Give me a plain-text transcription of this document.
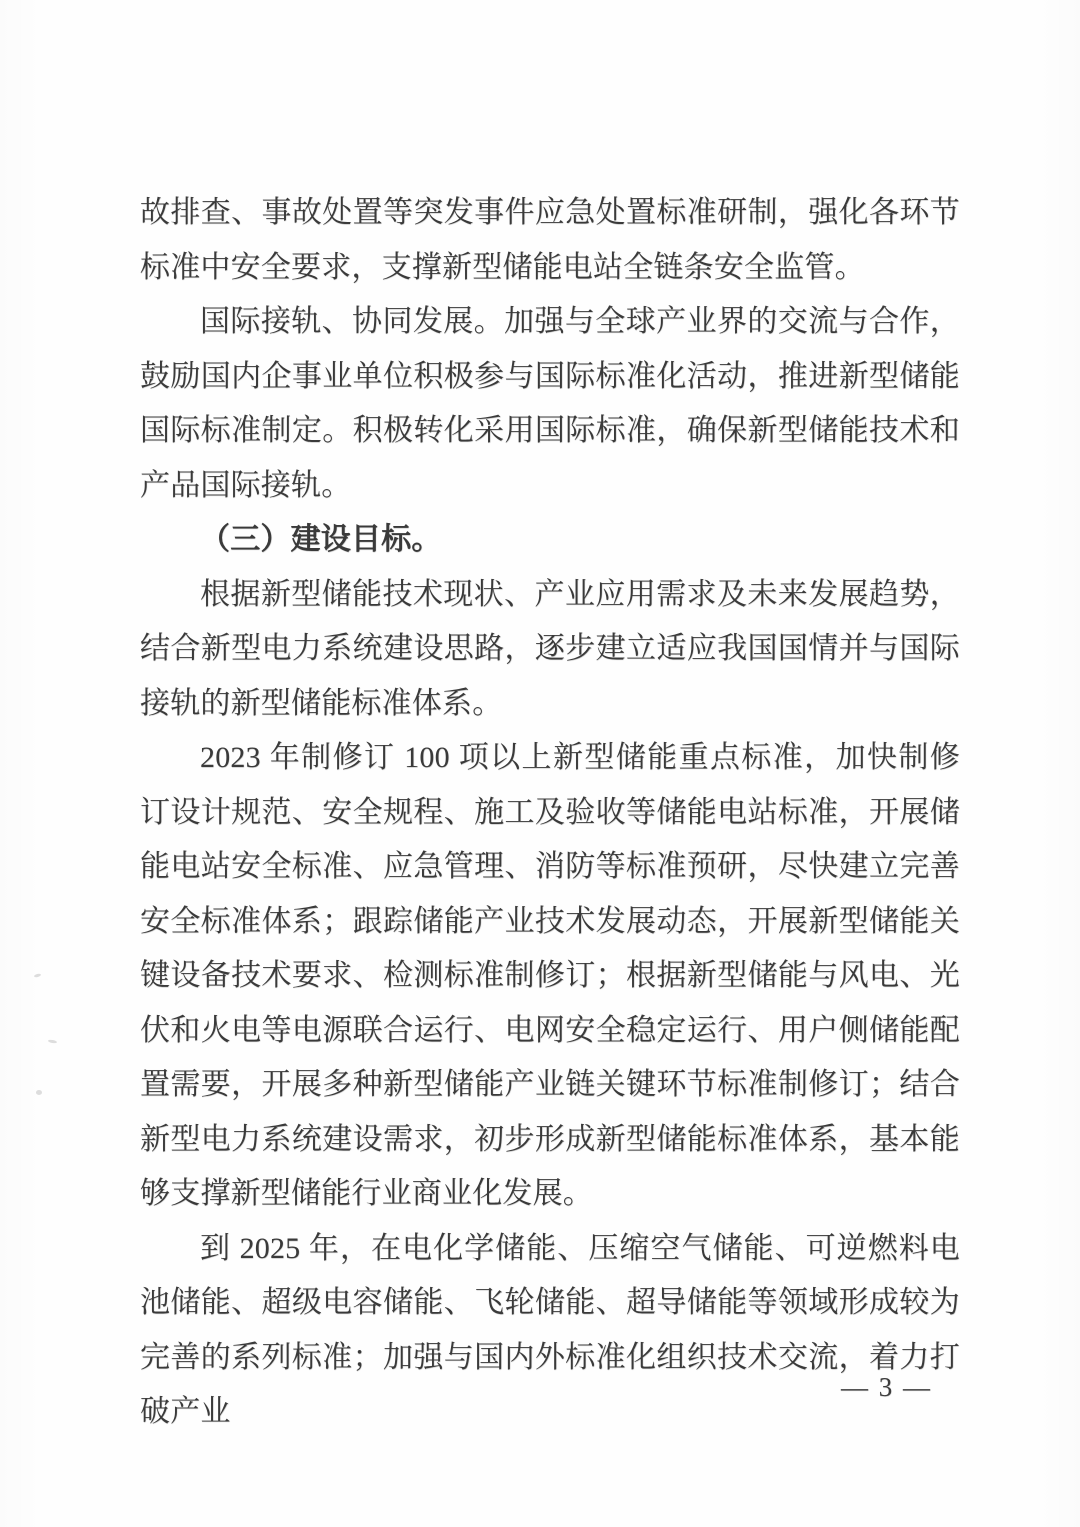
故排查、事故处置等突发事件应急处置标准研制，强化各环节标准中安全要求，支撑新型储能电站全链条安全监管。

国际接轨、协同发展。加强与全球产业界的交流与合作，鼓励国内企事业单位积极参与国际标准化活动，推进新型储能国际标准制定。积极转化采用国际标准，确保新型储能技术和产品国际接轨。

（三）建设目标。

根据新型储能技术现状、产业应用需求及未来发展趋势，结合新型电力系统建设思路，逐步建立适应我国国情并与国际接轨的新型储能标准体系。

2023 年制修订 100 项以上新型储能重点标准，加快制修订设计规范、安全规程、施工及验收等储能电站标准，开展储能电站安全标准、应急管理、消防等标准预研，尽快建立完善安全标准体系；跟踪储能产业技术发展动态，开展新型储能关键设备技术要求、检测标准制修订；根据新型储能与风电、光伏和火电等电源联合运行、电网安全稳定运行、用户侧储能配置需要，开展多种新型储能产业链关键环节标准制修订；结合新型电力系统建设需求，初步形成新型储能标准体系，基本能够支撑新型储能行业商业化发展。

到 2025 年，在电化学储能、压缩空气储能、可逆燃料电池储能、超级电容储能、飞轮储能、超导储能等领域形成较为完善的系列标准；加强与国内外标准化组织技术交流，着力打破产业

— 3 —
